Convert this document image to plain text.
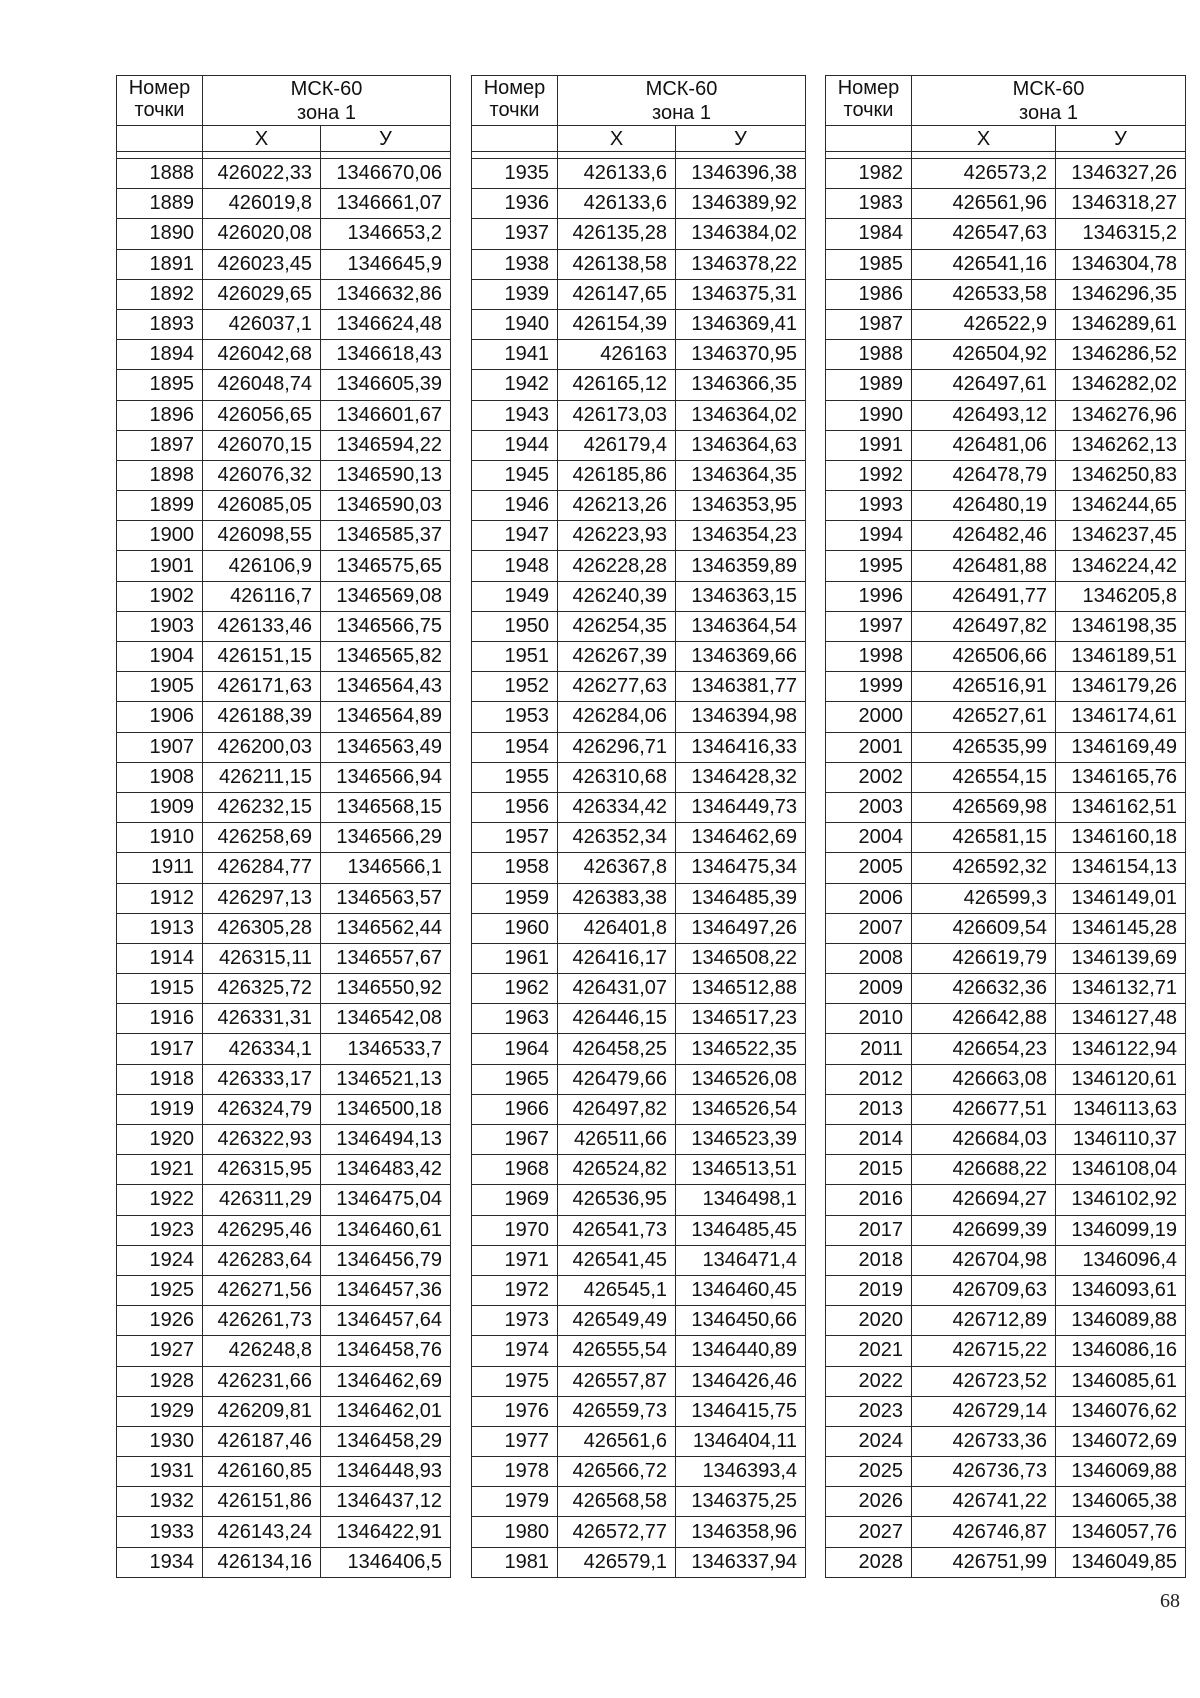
Номер
точки	МСК-60	
	зона 1	
	Х	У

1888	426022,33	1346670,06
1889	426019,8	1346661,07
1890	426020,08	1346653,2
1891	426023,45	1346645,9
1892	426029,65	1346632,86
1893	426037,1	1346624,48
1894	426042,68	1346618,43
1895	426048,74	1346605,39
1896	426056,65	1346601,67
1897	426070,15	1346594,22
1898	426076,32	1346590,13
1899	426085,05	1346590,03
1900	426098,55	1346585,37
1901	426106,9	1346575,65
1902	426116,7	1346569,08
1903	426133,46	1346566,75
1904	426151,15	1346565,82
1905	426171,63	1346564,43
1906	426188,39	1346564,89
1907	426200,03	1346563,49
1908	426211,15	1346566,94
1909	426232,15	1346568,15
1910	426258,69	1346566,29
1911	426284,77	1346566,1
1912	426297,13	1346563,57
1913	426305,28	1346562,44
1914	426315,11	1346557,67
1915	426325,72	1346550,92
1916	426331,31	1346542,08
1917	426334,1	1346533,7
1918	426333,17	1346521,13
1919	426324,79	1346500,18
1920	426322,93	1346494,13
1921	426315,95	1346483,42
1922	426311,29	1346475,04
1923	426295,46	1346460,61
1924	426283,64	1346456,79
1925	426271,56	1346457,36
1926	426261,73	1346457,64
1927	426248,8	1346458,76
1928	426231,66	1346462,69
1929	426209,81	1346462,01
1930	426187,46	1346458,29
1931	426160,85	1346448,93
1932	426151,86	1346437,12
1933	426143,24	1346422,91
1934	426134,16	1346406,5
Номер
точки	МСК-60	
	зона 1	
	Х	У

1935	426133,6	1346396,38
1936	426133,6	1346389,92
1937	426135,28	1346384,02
1938	426138,58	1346378,22
1939	426147,65	1346375,31
1940	426154,39	1346369,41
1941	426163	1346370,95
1942	426165,12	1346366,35
1943	426173,03	1346364,02
1944	426179,4	1346364,63
1945	426185,86	1346364,35
1946	426213,26	1346353,95
1947	426223,93	1346354,23
1948	426228,28	1346359,89
1949	426240,39	1346363,15
1950	426254,35	1346364,54
1951	426267,39	1346369,66
1952	426277,63	1346381,77
1953	426284,06	1346394,98
1954	426296,71	1346416,33
1955	426310,68	1346428,32
1956	426334,42	1346449,73
1957	426352,34	1346462,69
1958	426367,8	1346475,34
1959	426383,38	1346485,39
1960	426401,8	1346497,26
1961	426416,17	1346508,22
1962	426431,07	1346512,88
1963	426446,15	1346517,23
1964	426458,25	1346522,35
1965	426479,66	1346526,08
1966	426497,82	1346526,54
1967	426511,66	1346523,39
1968	426524,82	1346513,51
1969	426536,95	1346498,1
1970	426541,73	1346485,45
1971	426541,45	1346471,4
1972	426545,1	1346460,45
1973	426549,49	1346450,66
1974	426555,54	1346440,89
1975	426557,87	1346426,46
1976	426559,73	1346415,75
1977	426561,6	1346404,11
1978	426566,72	1346393,4
1979	426568,58	1346375,25
1980	426572,77	1346358,96
1981	426579,1	1346337,94
Номер
точки	МСК-60	
	зона 1	
	Х	У

1982	426573,2	1346327,26
1983	426561,96	1346318,27
1984	426547,63	1346315,2
1985	426541,16	1346304,78
1986	426533,58	1346296,35
1987	426522,9	1346289,61
1988	426504,92	1346286,52
1989	426497,61	1346282,02
1990	426493,12	1346276,96
1991	426481,06	1346262,13
1992	426478,79	1346250,83
1993	426480,19	1346244,65
1994	426482,46	1346237,45
1995	426481,88	1346224,42
1996	426491,77	1346205,8
1997	426497,82	1346198,35
1998	426506,66	1346189,51
1999	426516,91	1346179,26
2000	426527,61	1346174,61
2001	426535,99	1346169,49
2002	426554,15	1346165,76
2003	426569,98	1346162,51
2004	426581,15	1346160,18
2005	426592,32	1346154,13
2006	426599,3	1346149,01
2007	426609,54	1346145,28
2008	426619,79	1346139,69
2009	426632,36	1346132,71
2010	426642,88	1346127,48
2011	426654,23	1346122,94
2012	426663,08	1346120,61
2013	426677,51	1346113,63
2014	426684,03	1346110,37
2015	426688,22	1346108,04
2016	426694,27	1346102,92
2017	426699,39	1346099,19
2018	426704,98	1346096,4
2019	426709,63	1346093,61
2020	426712,89	1346089,88
2021	426715,22	1346086,16
2022	426723,52	1346085,61
2023	426729,14	1346076,62
2024	426733,36	1346072,69
2025	426736,73	1346069,88
2026	426741,22	1346065,38
2027	426746,87	1346057,76
2028	426751,99	1346049,85
68
